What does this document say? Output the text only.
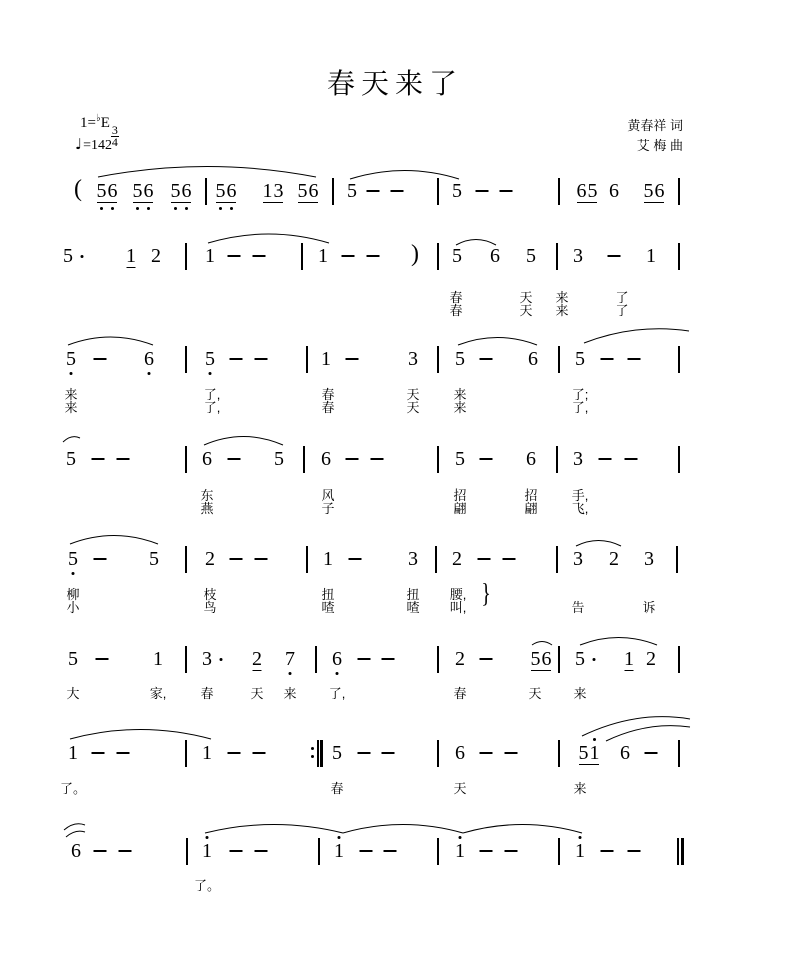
春天来了
1=♭E
$\frac{3}{4}$
♩=142
黄春祥 词
艾 梅 曲
( 5 6 5 6 5 6 5 6 1 3 5 6 5	5	6 5 6 5 6
5	1 2 1	1	) 5 6 5 3	1
春	天 来	了
春	天 来	了
5	6	5	1	3 5	6 5
来	了,	春	天	来	了;
来	了,	春	天	来	了,
5	6	5 6	5	6 3
东	风	招	招	手,
燕	子	翩	翩	飞,
5	5 2	1	3 2	3 2 3
柳	枝	扭	扭 腰, }
小	鸟	喳	喳 叫,	告	诉
5	1 3 2 7 6	2	5 6 5 1 2
大	家,	春	天 来 了,	春	天 来
1	1	5	6	5 1 6
了。	春	天	来
6	1	1	1	1
了。
